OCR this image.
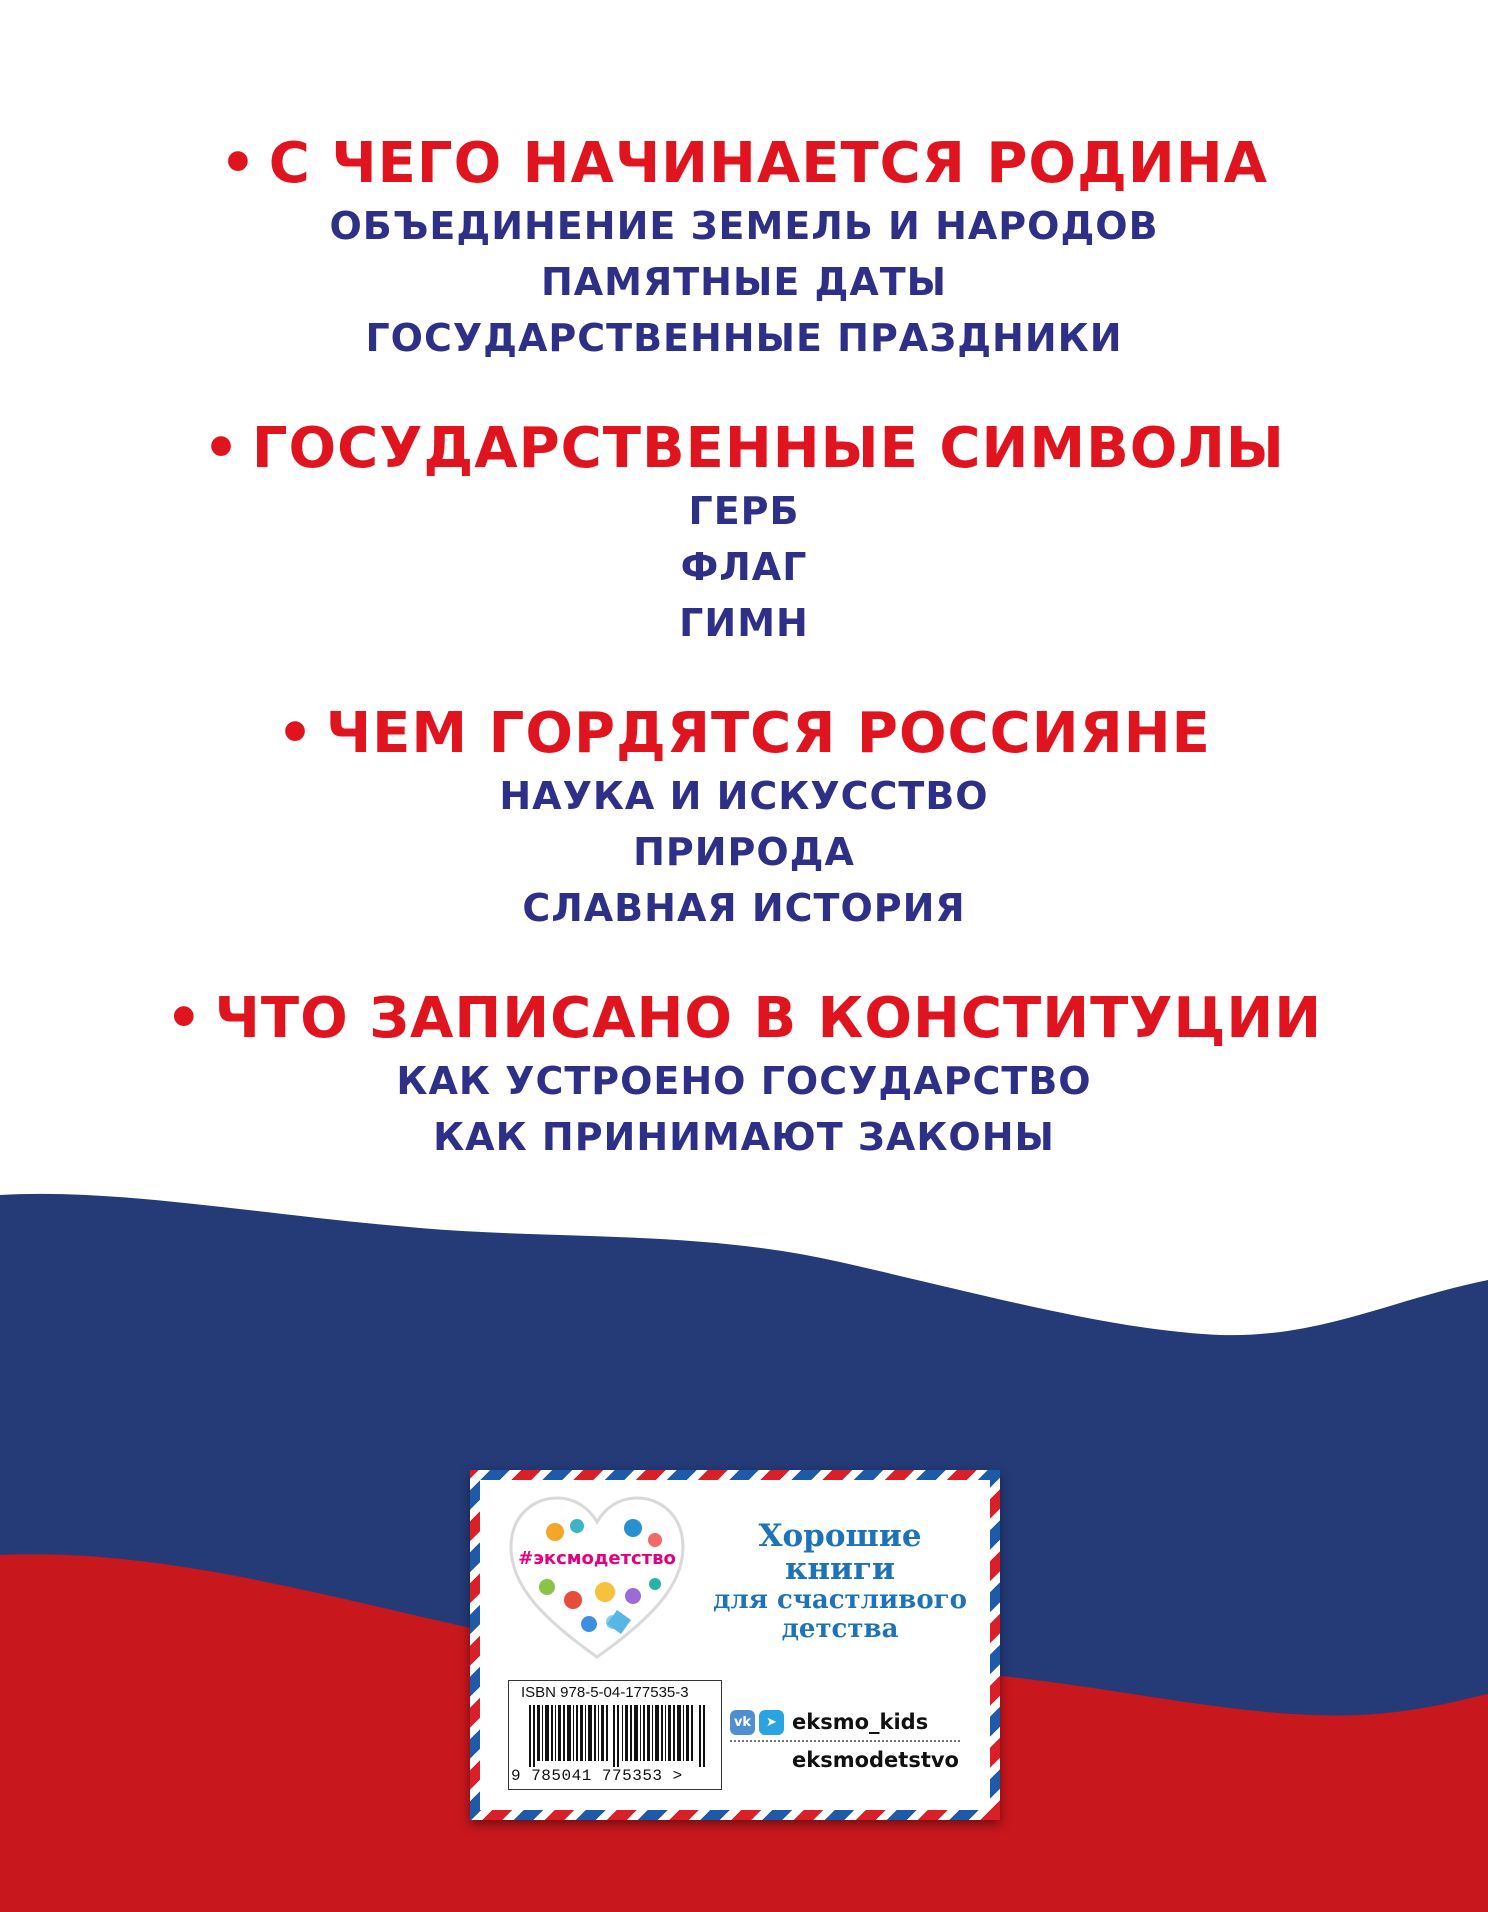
• С ЧЕГО НАЧИНАЕТСЯ РОДИНА
ОБЪЕДИНЕНИЕ ЗЕМЕЛЬ И НАРОДОВ
ПАМЯТНЫЕ ДАТЫ
ГОСУДАРСТВЕННЫЕ ПРАЗДНИКИ
• ГОСУДАРСТВЕННЫЕ СИМВОЛЫ
ГЕРБ
ФЛАГ
ГИМН
• ЧЕМ ГОРДЯТСЯ РОССИЯНЕ
НАУКА И ИСКУССТВО
ПРИРОДА
СЛАВНАЯ ИСТОРИЯ
• ЧТО ЗАПИСАНО В КОНСТИТУЦИИ
КАК УСТРОЕНО ГОСУДАРСТВО
КАК ПРИНИМАЮТ ЗАКОНЫ
#эксмодетство
Хорошие
книги
для счастливого
детства
vk	➤ eksmo_kids
eksmodetstvo
ISBN 978-5-04-177535-3
9 785041 775353 >
